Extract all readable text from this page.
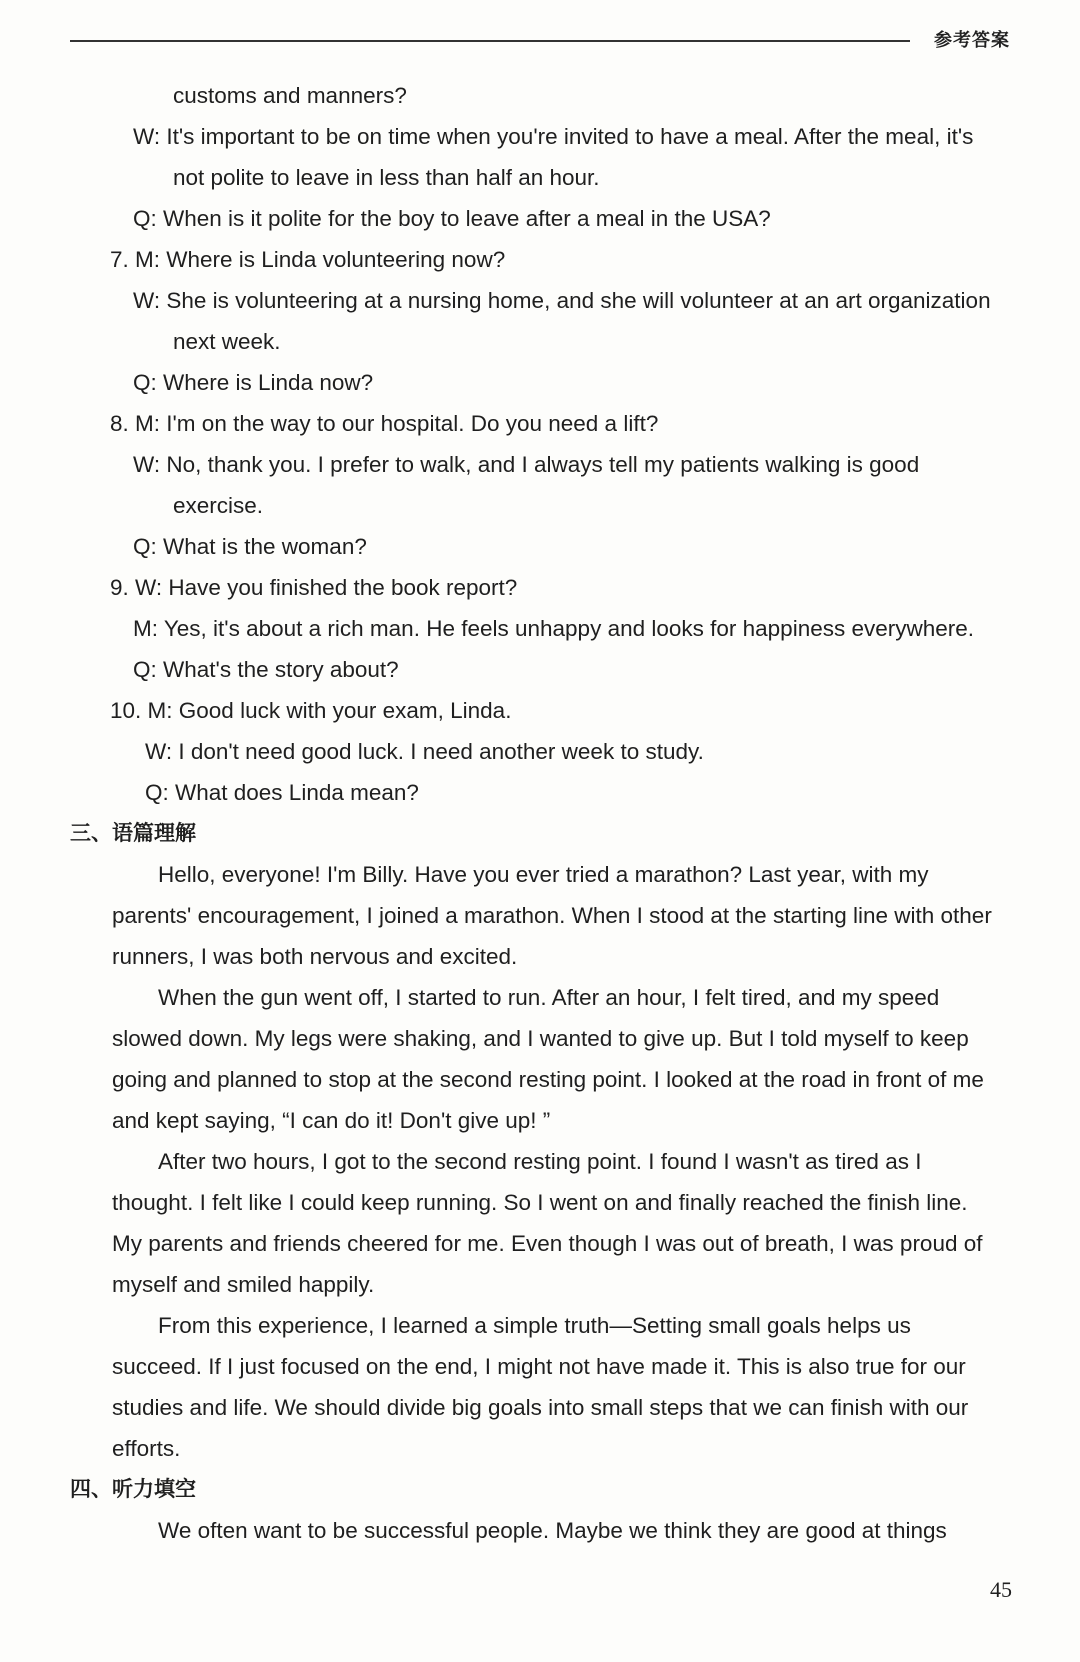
参考答案
customs and manners?
W: It's important to be on time when you're invited to have a meal. After the meal, it's
not polite to leave in less than half an hour.
Q: When is it polite for the boy to leave after a meal in the USA?
7. M: Where is Linda volunteering now?
W: She is volunteering at a nursing home, and she will volunteer at an art organization
next week.
Q: Where is Linda now?
8. M: I'm on the way to our hospital. Do you need a lift?
W: No, thank you. I prefer to walk, and I always tell my patients walking is good
exercise.
Q: What is the woman?
9. W: Have you finished the book report?
M: Yes, it's about a rich man. He feels unhappy and looks for happiness everywhere.
Q: What's the story about?
10. M: Good luck with your exam, Linda.
W: I don't need good luck. I need another week to study.
Q: What does Linda mean?
三、语篇理解
Hello, everyone! I'm Billy. Have you ever tried a marathon? Last year, with my
parents' encouragement, I joined a marathon. When I stood at the starting line with other
runners, I was both nervous and excited.
When the gun went off, I started to run. After an hour, I felt tired, and my speed
slowed down. My legs were shaking, and I wanted to give up. But I told myself to keep
going and planned to stop at the second resting point. I looked at the road in front of me
and kept saying, “I can do it! Don't give up! ”
After two hours, I got to the second resting point. I found I wasn't as tired as I
thought. I felt like I could keep running. So I went on and finally reached the finish line.
My parents and friends cheered for me. Even though I was out of breath, I was proud of
myself and smiled happily.
From this experience, I learned a simple truth—Setting small goals helps us
succeed. If I just focused on the end, I might not have made it. This is also true for our
studies and life. We should divide big goals into small steps that we can finish with our
efforts.
四、听力填空
We often want to be successful people. Maybe we think they are good at things
45
